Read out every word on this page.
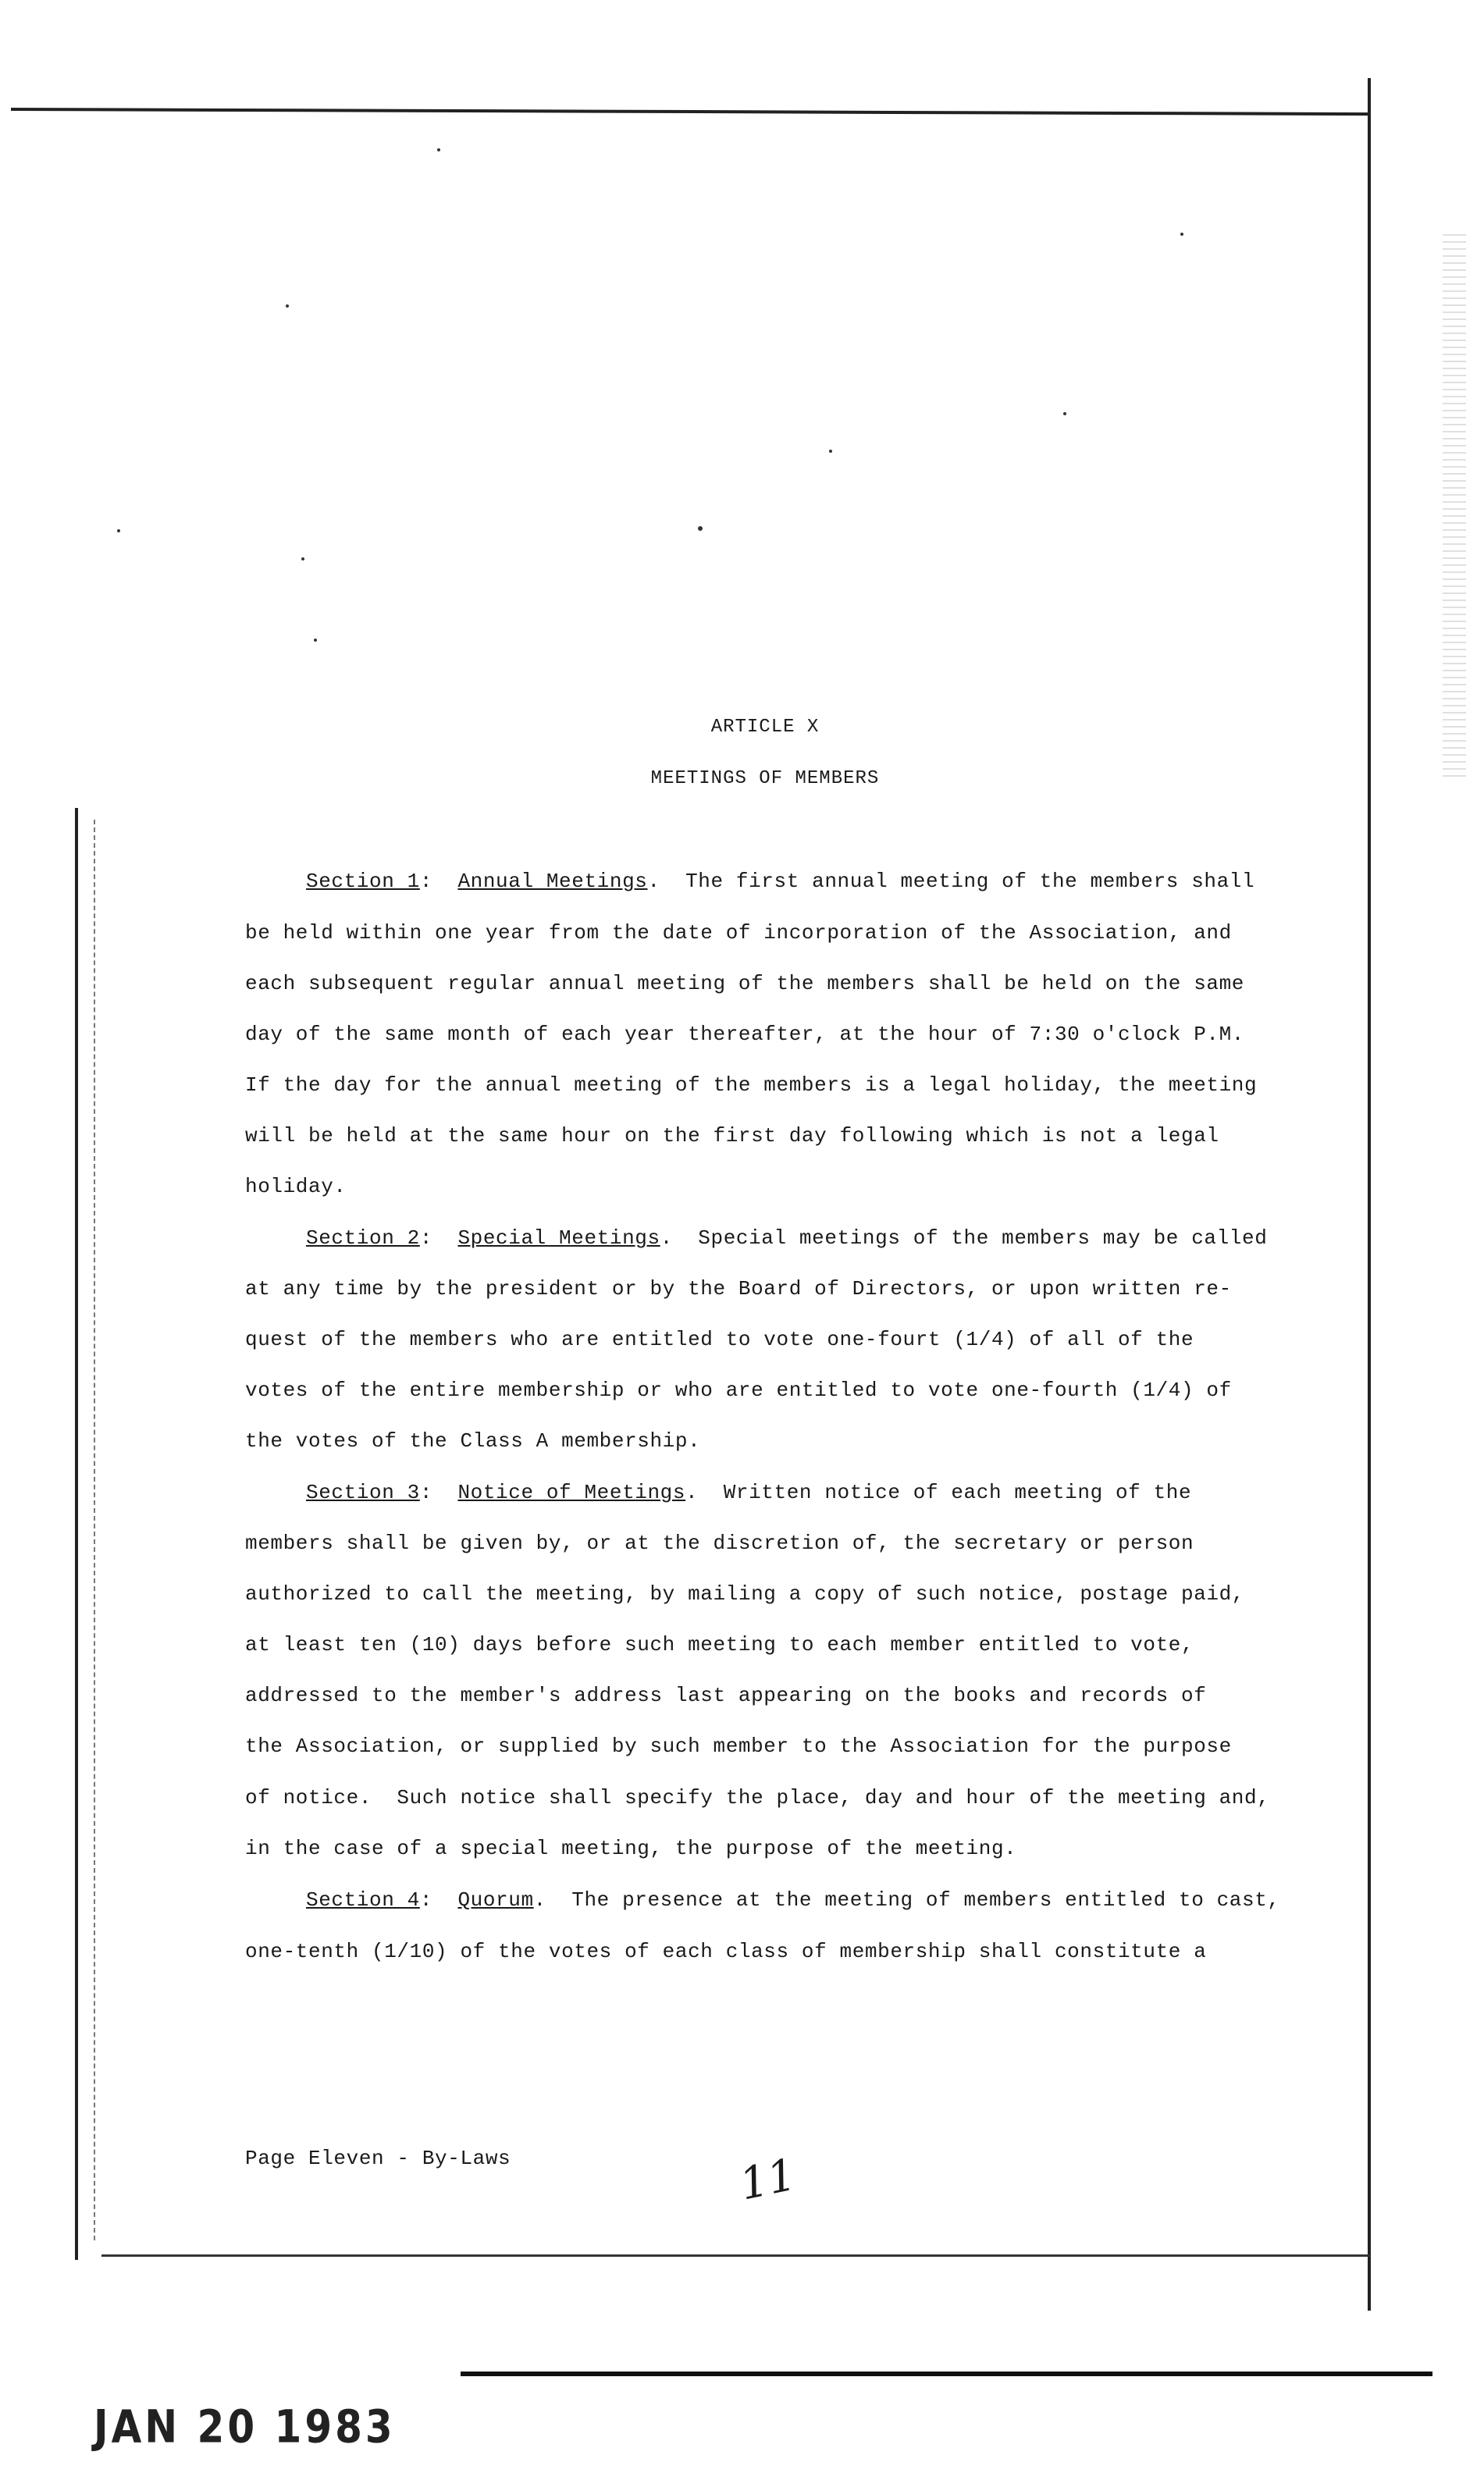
ARTICLE X
MEETINGS OF MEMBERS
Section 1:  Annual Meetings.  The first annual meeting of the members shall
be held within one year from the date of incorporation of the Association, and
each subsequent regular annual meeting of the members shall be held on the same
day of the same month of each year thereafter, at the hour of 7:30 o'clock P.M.
If the day for the annual meeting of the members is a legal holiday, the meeting
will be held at the same hour on the first day following which is not a legal
holiday.
Section 2:  Special Meetings.  Special meetings of the members may be called
at any time by the president or by the Board of Directors, or upon written re-
quest of the members who are entitled to vote one-fourt (1/4) of all of the
votes of the entire membership or who are entitled to vote one-fourth (1/4) of
the votes of the Class A membership.
Section 3:  Notice of Meetings.  Written notice of each meeting of the
members shall be given by, or at the discretion of, the secretary or person
authorized to call the meeting, by mailing a copy of such notice, postage paid,
at least ten (10) days before such meeting to each member entitled to vote,
addressed to the member's address last appearing on the books and records of
the Association, or supplied by such member to the Association for the purpose
of notice.  Such notice shall specify the place, day and hour of the meeting and,
in the case of a special meeting, the purpose of the meeting.
Section 4:  Quorum.  The presence at the meeting of members entitled to cast,
one-tenth (1/10) of the votes of each class of membership shall constitute a
Page Eleven - By-Laws	11
JAN 20 1983
